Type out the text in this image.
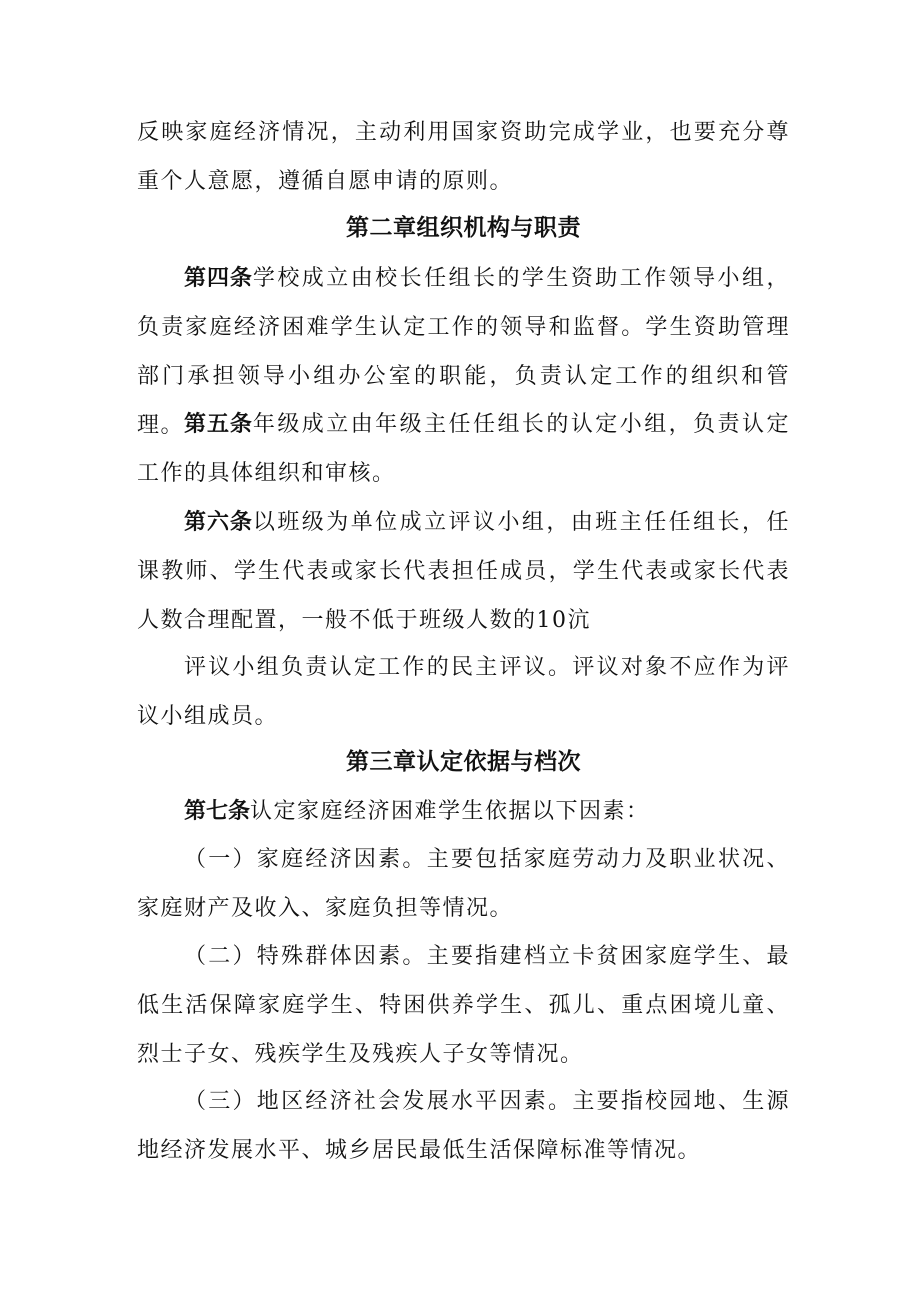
反映家庭经济情况，主动利用国家资助完成学业，也要充分尊重个人意愿，遵循自愿申请的原则。

第二章组织机构与职责

第四条学校成立由校长任组长的学生资助工作领导小组，负责家庭经济困难学生认定工作的领导和监督。学生资助管理部门承担领导小组办公室的职能，负责认定工作的组织和管理。 第五条年级成立由年级主任任组长的认定小组，负责认定工作的具体组织和审核。

第六条以班级为单位成立评议小组，由班主任任组长，任课教师、学生代表或家长代表担任成员，学生代表或家长代表人数合理配置，一般不低于班级人数的10沆

评议小组负责认定工作的民主评议。评议对象不应作为评议小组成员。

第三章认定依据与档次

第七条认定家庭经济困难学生依据以下因素：

（一）家庭经济因素。主要包括家庭劳动力及职业状况、家庭财产及收入、家庭负担等情况。

（二）特殊群体因素。主要指建档立卡贫困家庭学生、最低生活保障家庭学生、特困供养学生、孤儿、重点困境儿童、烈士子女、残疾学生及残疾人子女等情况。

（三）地区经济社会发展水平因素。主要指校园地、生源地经济发展水平、城乡居民最低生活保障标准等情况。
